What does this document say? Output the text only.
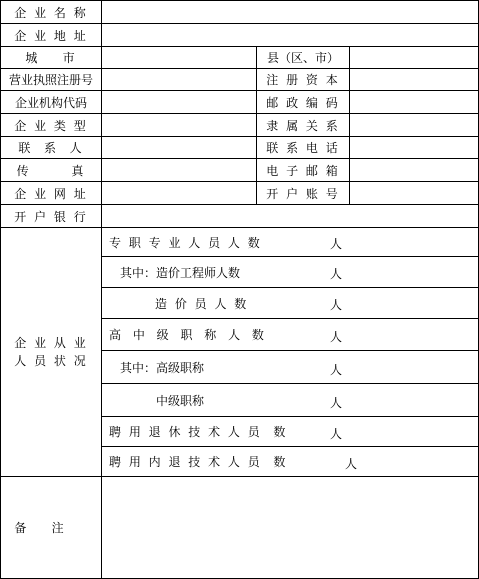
企 业 名 称
企 业 地 址
城    市	县（区、市）
营业执照注册号	注 册 资 本
企业机构代码	邮 政 编 码
企 业 类 型	隶 属 关 系
联  系  人	联 系 电 话
传       真	电 子 邮 箱
企 业 网 址	开 户 账 号
开 户 银 行
企 业 从 业
人 员 状 况
专 职 专 业 人 员 人 数	人
其中：造价工程师人数	人
造 价 员 人 数	人
高 中 级 职 称 人 数	人
其中：高级职称	人
中级职称	人
聘 用 退 休 技 术 人 员  数	人
聘 用 内 退 技 术 人 员  数	人
备    注
